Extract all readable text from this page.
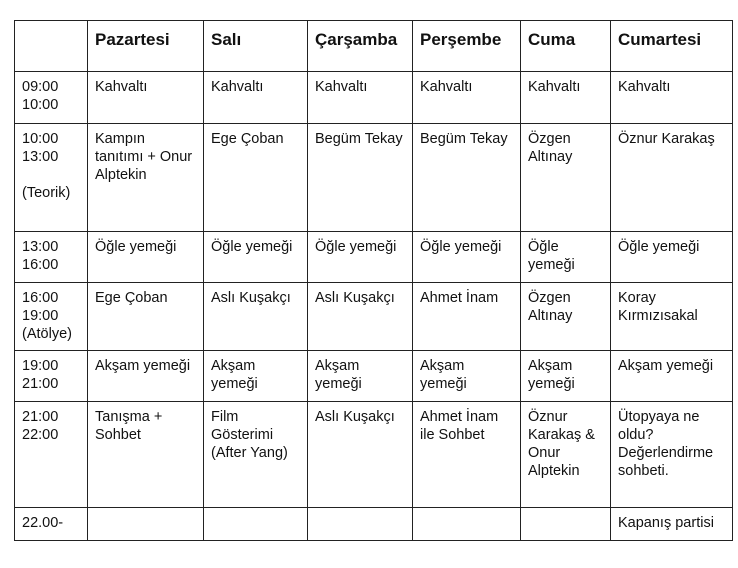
	Pazartesi	Salı	Çarşamba	Perşembe	Cuma	Cumartesi

09:00
10:00	Kahvaltı	Kahvaltı	Kahvaltı	Kahvaltı	Kahvaltı	Kahvaltı

10:00
13:00
(Teorik)	Kampın tanıtımı + Onur Alptekin	Ege Çoban	Begüm Tekay	Begüm Tekay	Özgen Altınay	Öznur Karakaş

13:00
16:00	Öğle yemeği	Öğle yemeği	Öğle yemeği	Öğle yemeği	Öğle yemeği	Öğle yemeği

16:00
19:00
(Atölye)	Ege Çoban	Aslı Kuşakçı	Aslı Kuşakçı	Ahmet İnam	Özgen Altınay	Koray Kırmızısakal

19:00
21:00	Akşam yemeği	Akşam yemeği	Akşam yemeği	Akşam yemeği	Akşam yemeği	Akşam yemeği

21:00
22:00	Tanışma + Sohbet	Film Gösterimi (After Yang)	Aslı Kuşakçı	Ahmet İnam ile Sohbet	Öznur Karakaş & Onur Alptekin	Ütopyaya ne oldu? Değerlendirme sohbeti.

22.00-						Kapanış partisi
